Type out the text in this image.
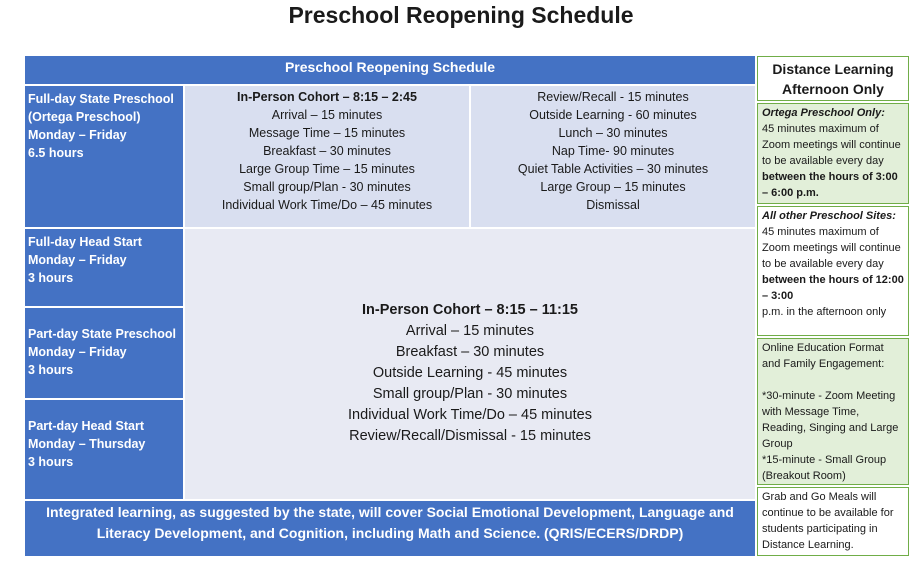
Preschool Reopening Schedule
Preschool Reopening Schedule
Full-day State Preschool
(Ortega Preschool)
Monday – Friday
6.5 hours
Full-day Head Start
Monday – Friday
3 hours
Part-day State Preschool
Monday – Friday
3 hours
Part-day Head Start
Monday – Thursday
3 hours
In-Person Cohort – 8:15 – 2:45
Arrival – 15 minutes
Message Time – 15 minutes
Breakfast – 30 minutes
Large Group Time – 15 minutes
Small group/Plan - 30 minutes
Individual Work Time/Do – 45 minutes
Review/Recall - 15 minutes
Outside Learning - 60 minutes
Lunch – 30 minutes
Nap Time- 90 minutes
Quiet Table Activities – 30 minutes
Large Group – 15 minutes
Dismissal
In-Person Cohort – 8:15 – 11:15
Arrival – 15 minutes
Breakfast – 30 minutes
Outside Learning - 45 minutes
Small group/Plan - 30 minutes
Individual Work Time/Do – 45 minutes
Review/Recall/Dismissal - 15 minutes
Integrated learning, as suggested by the state, will cover Social Emotional Development, Language and Literacy Development, and Cognition, including Math and Science. (QRIS/ECERS/DRDP)
Distance Learning Afternoon Only
Ortega Preschool Only:
45 minutes maximum of Zoom meetings will continue to be available every day between the hours of 3:00 – 6:00 p.m.
All other Preschool Sites:
45 minutes maximum of Zoom meetings will continue to be available every day between the hours of 12:00 – 3:00
p.m. in the afternoon only
Online Education Format and Family Engagement:

*30-minute - Zoom Meeting with Message Time, Reading, Singing and Large Group
*15-minute - Small Group (Breakout Room)
Grab and Go Meals will continue to be available for students participating in Distance Learning.
